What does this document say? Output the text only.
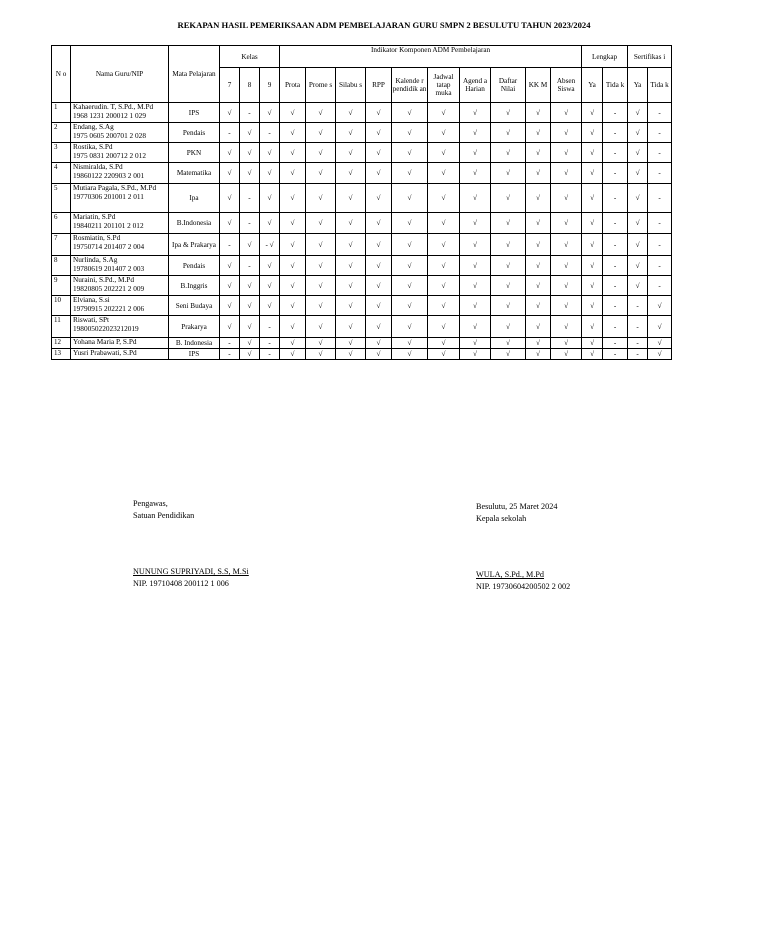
REKAPAN HASIL PEMERIKSAAN ADM PEMBELAJARAN GURU SMPN 2 BESULUTU TAHUN 2023/2024
N o	Nama Guru/NIP	Mata Pelajaran	Kelas			Indikator Komponen ADM Pembelajaran										Lengkap		Sertifikas i	
			7	8	9	Prota	Prome s	Silabu s	RPP	Kalende r pendidik an	Jadwal tatap muka	Agend a Harian	Daftar Nilai	KK M	Absen Siswa	Ya	Tida k	Ya	Tida k
1	Kahaerudin. T, S.Pd., M.Pd
1968 1231 200012 1 029	IPS	√	-	√	√	√	√	√	√	√	√	√	√	√	√	-	√	-
2	Endang, S.Ag
1975 0605 200701 2 028	Pendais	-	√	-	√	√	√	√	√	√	√	√	√	√	√	-	√	-
3	Rostika, S.Pd
1975 0831 200712 2 012	PKN	√	√	√	√	√	√	√	√	√	√	√	√	√	√	-	√	-
4	Nismiralda, S.Pd
19860122 220903 2 001	Matematika	√	√	√	√	√	√	√	√	√	√	√	√	√	√	-	√	-
5	Mutiara Pagala, S.Pd., M.Pd
19770306 201001 2 011	Ipa	√	-	√	√	√	√	√	√	√	√	√	√	√	√	-	√	-
6	Mariatin, S.Pd
19840211 201101 2 012	B.Indonesia	√	-	√	√	√	√	√	√	√	√	√	√	√	√	-	√	-
7	Rosmiatin, S.Pd
19750714 201407 2 004	Ipa & Prakarya	-	√	- √	√	√	√	√	√	√	√	√	√	√	√	-	√	-
8	Nurlinda, S.Ag
19780619 201407 2 003	Pendais	√	-	√	√	√	√	√	√	√	√	√	√	√	√	-	√	-
9	Nuraini, S.Pd., M.Pd
19820805 202221 2 009	B.Inggris	√	√	√	√	√	√	√	√	√	√	√	√	√	√	-	√	-
10	Elviana, S.si
19790915 202221 2 006	Seni Budaya	√	√	√	√	√	√	√	√	√	√	√	√	√	√	-	-	√
11	Riswati, SPt
198005022023212019	Prakarya	√	√	-	√	√	√	√	√	√	√	√	√	√	√	-	-	√
12	Yohana Maria P, S.Pd	B. Indonesia	-	√	-	√	√	√	√	√	√	√	√	√	√	√	-	-	√
13	Yusri Prabawati, S.Pd	IPS	-	√	-	√	√	√	√	√	√	√	√	√	√	√	-	-	√
Pengawas,
Satuan Pendidikan
NUNUNG SUPRIYADI, S.S, M.Si
NIP. 19710408 200112 1 006
Besulutu, 25 Maret 2024
Kepala sekolah
WULA, S.Pd., M.Pd
NIP. 19730604200502 2 002
